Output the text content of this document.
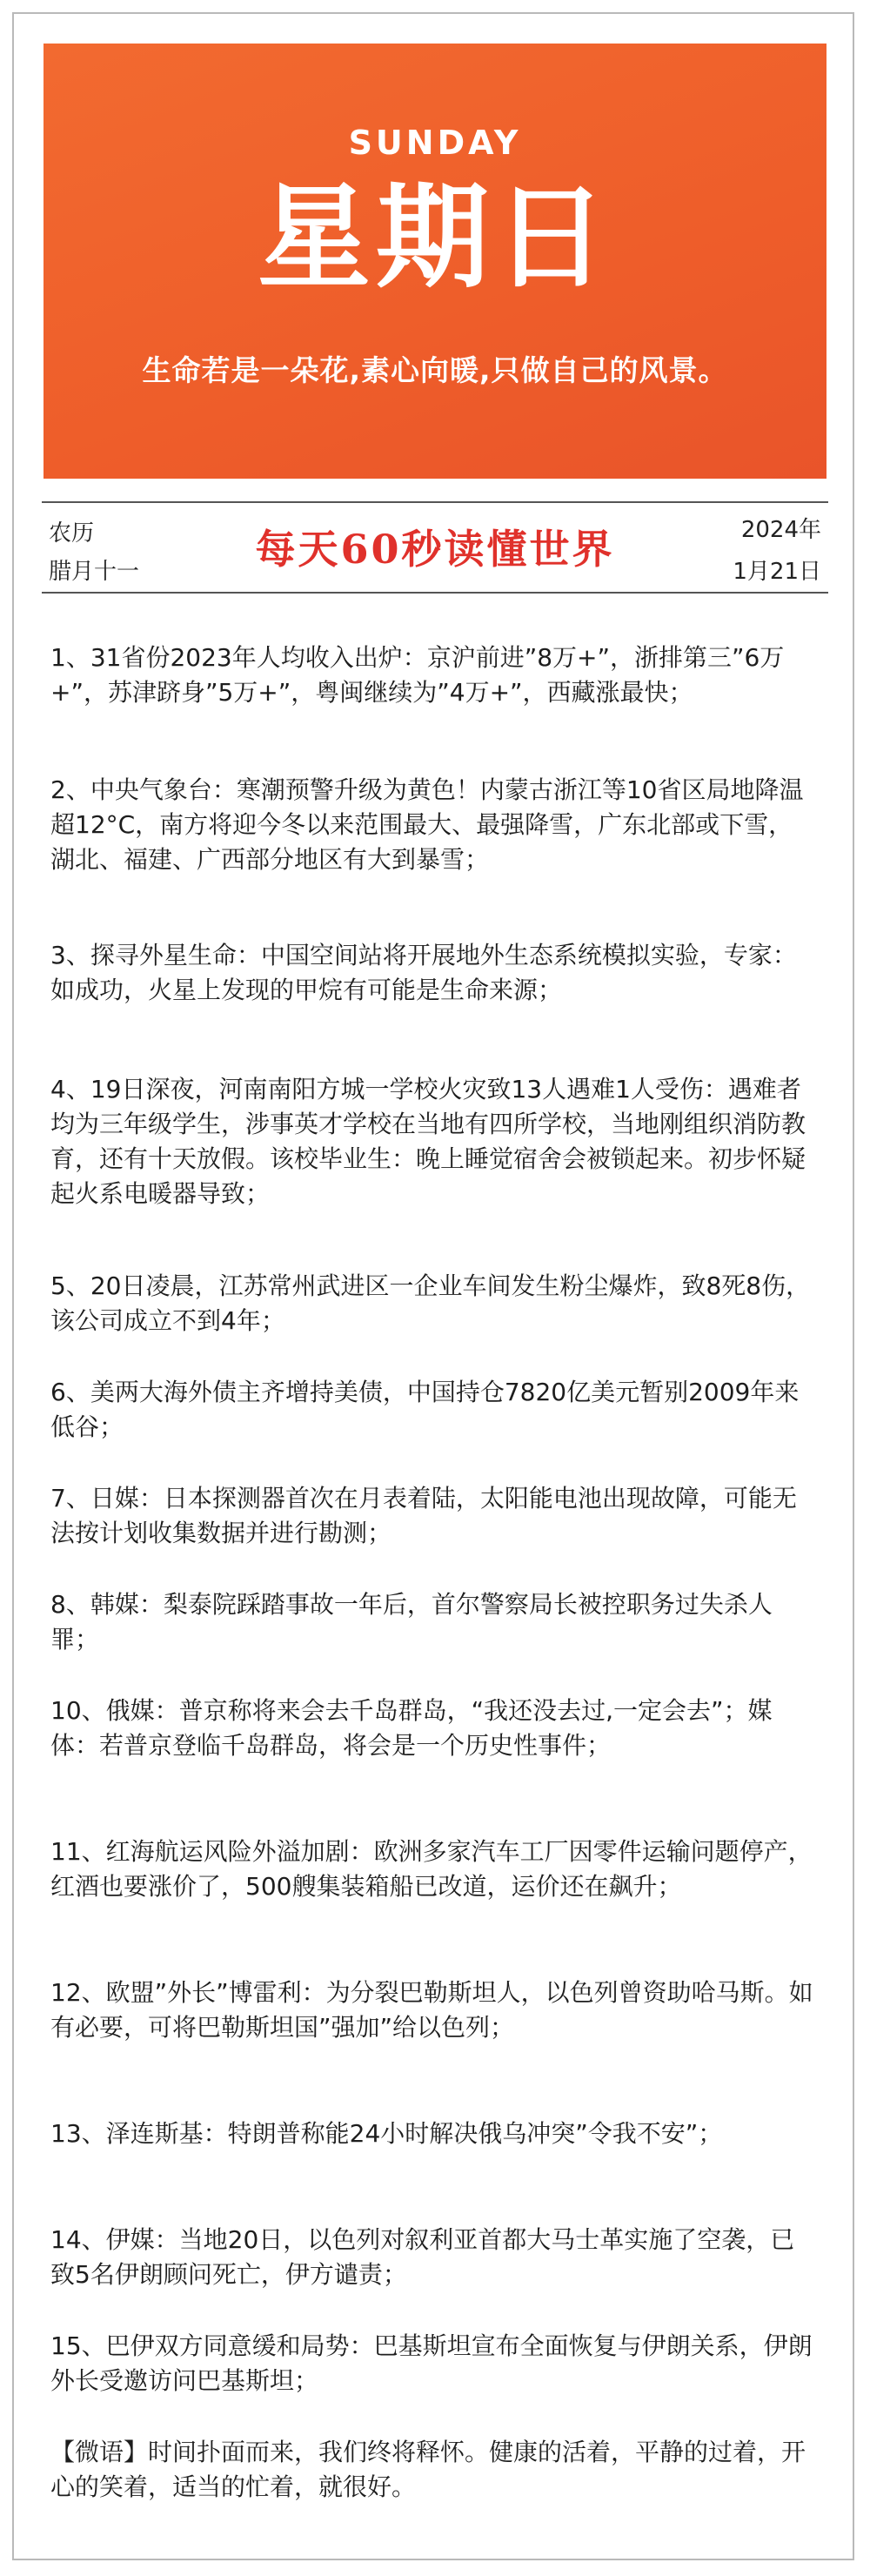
SUNDAY
星期日
生命若是一朵花,素心向暖,只做自己的风景。
农历
腊月十一	每天60秒读懂世界	2024年
1月21日

1、31省份2023年人均收入出炉：京沪前进”8万+”，浙排第三”6万+”，苏津跻身”5万+”，粤闽继续为”4万+”，西藏涨最快；

2、中央气象台：寒潮预警升级为黄色！内蒙古浙江等10省区局地降温超12°C，南方将迎今冬以来范围最大、最强降雪，广东北部或下雪，湖北、福建、广西部分地区有大到暴雪；

3、探寻外星生命：中国空间站将开展地外生态系统模拟实验，专家：如成功，火星上发现的甲烷有可能是生命来源；

4、19日深夜，河南南阳方城一学校火灾致13人遇难1人受伤：遇难者均为三年级学生，涉事英才学校在当地有四所学校，当地刚组织消防教育，还有十天放假。该校毕业生：晚上睡觉宿舍会被锁起来。初步怀疑起火系电暖器导致；

5、20日凌晨，江苏常州武进区一企业车间发生粉尘爆炸，致8死8伤，该公司成立不到4年；

6、美两大海外债主齐增持美债，中国持仓7820亿美元暂别2009年来低谷；

7、日媒：日本探测器首次在月表着陆，太阳能电池出现故障，可能无法按计划收集数据并进行勘测；

8、韩媒：梨泰院踩踏事故一年后，首尔警察局长被控职务过失杀人罪；

10、俄媒：普京称将来会去千岛群岛，“我还没去过,一定会去”；媒体：若普京登临千岛群岛，将会是一个历史性事件；

11、红海航运风险外溢加剧：欧洲多家汽车工厂因零件运输问题停产，红酒也要涨价了，500艘集装箱船已改道，运价还在飙升；

12、欧盟”外长”博雷利：为分裂巴勒斯坦人，以色列曾资助哈马斯。如有必要，可将巴勒斯坦国”强加”给以色列；

13、泽连斯基：特朗普称能24小时解决俄乌冲突”令我不安”；

14、伊媒：当地20日，以色列对叙利亚首都大马士革实施了空袭，已致5名伊朗顾问死亡，伊方谴责；

15、巴伊双方同意缓和局势：巴基斯坦宣布全面恢复与伊朗关系，伊朗外长受邀访问巴基斯坦；

【微语】时间扑面而来，我们终将释怀。健康的活着，平静的过着，开心的笑着，适当的忙着，就很好。
